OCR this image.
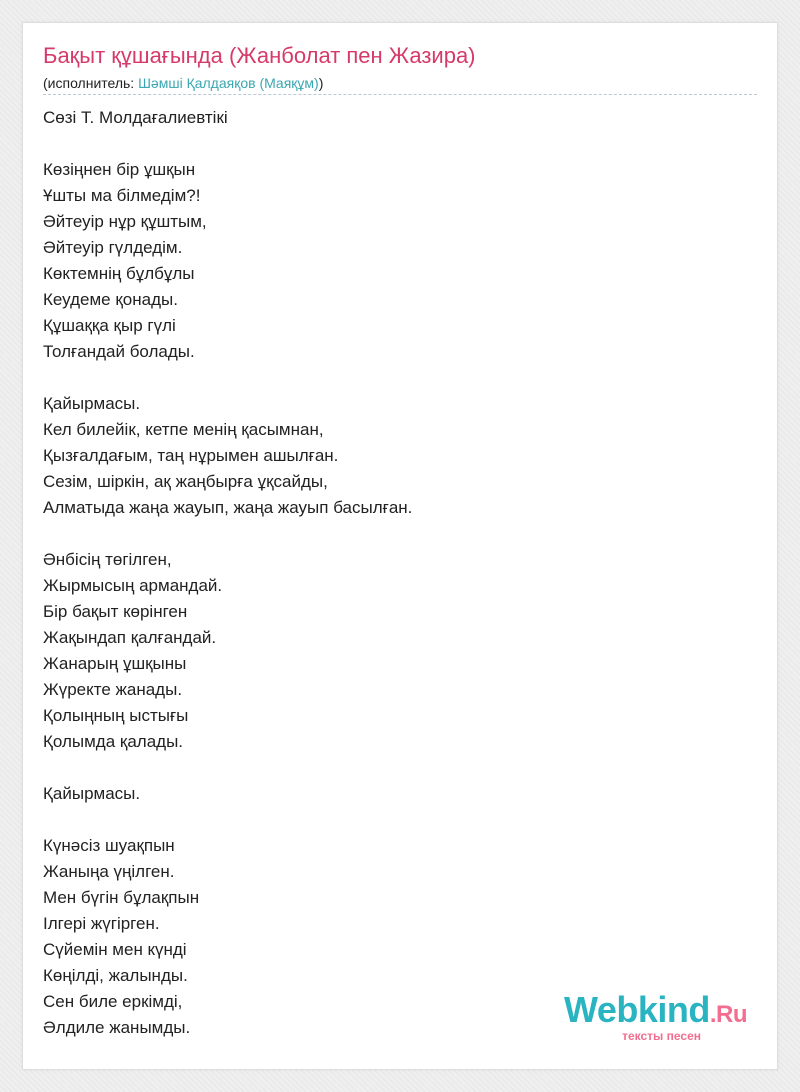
Бақыт құшағында (Жанболат пен Жазира)
(исполнитель: Шәмші Қалдаяқов (Маяқұм))
Сөзі Т. Молдағалиевтікі
Көзіңнен бір ұшқын
Ұшты ма білмедім?!
Әйтеуір нұр құштым,
Әйтеуір гүлдедім.
Көктемнің бұлбұлы
Кеудеме қонады.
Құшаққа қыр гүлі
Толғандай болады.
Қайырмасы.
Кел билейік, кетпе менің қасымнан,
Қызғалдағым, таң нұрымен ашылған.
Сезім, шіркін, ақ жаңбырға ұқсайды,
Алматыда жаңа жауып, жаңа жауып басылған.
Әнбісің төгілген,
Жырмысың армандай.
Бір бақыт көрінген
Жақындап қалғандай.
Жанарың ұшқыны
Жүректе жанады.
Қолыңның ыстығы
Қолымда қалады.
Қайырмасы.
Күнәсіз шуақпын
Жаныңа үңілген.
Мен бүгін бұлақпын
Ілгері жүгірген.
Сүйемін мен күнді
Көңілді, жалынды.
Сен биле еркімді,
Әлдиле жанымды.	Webkind.Ru
тексты песен
